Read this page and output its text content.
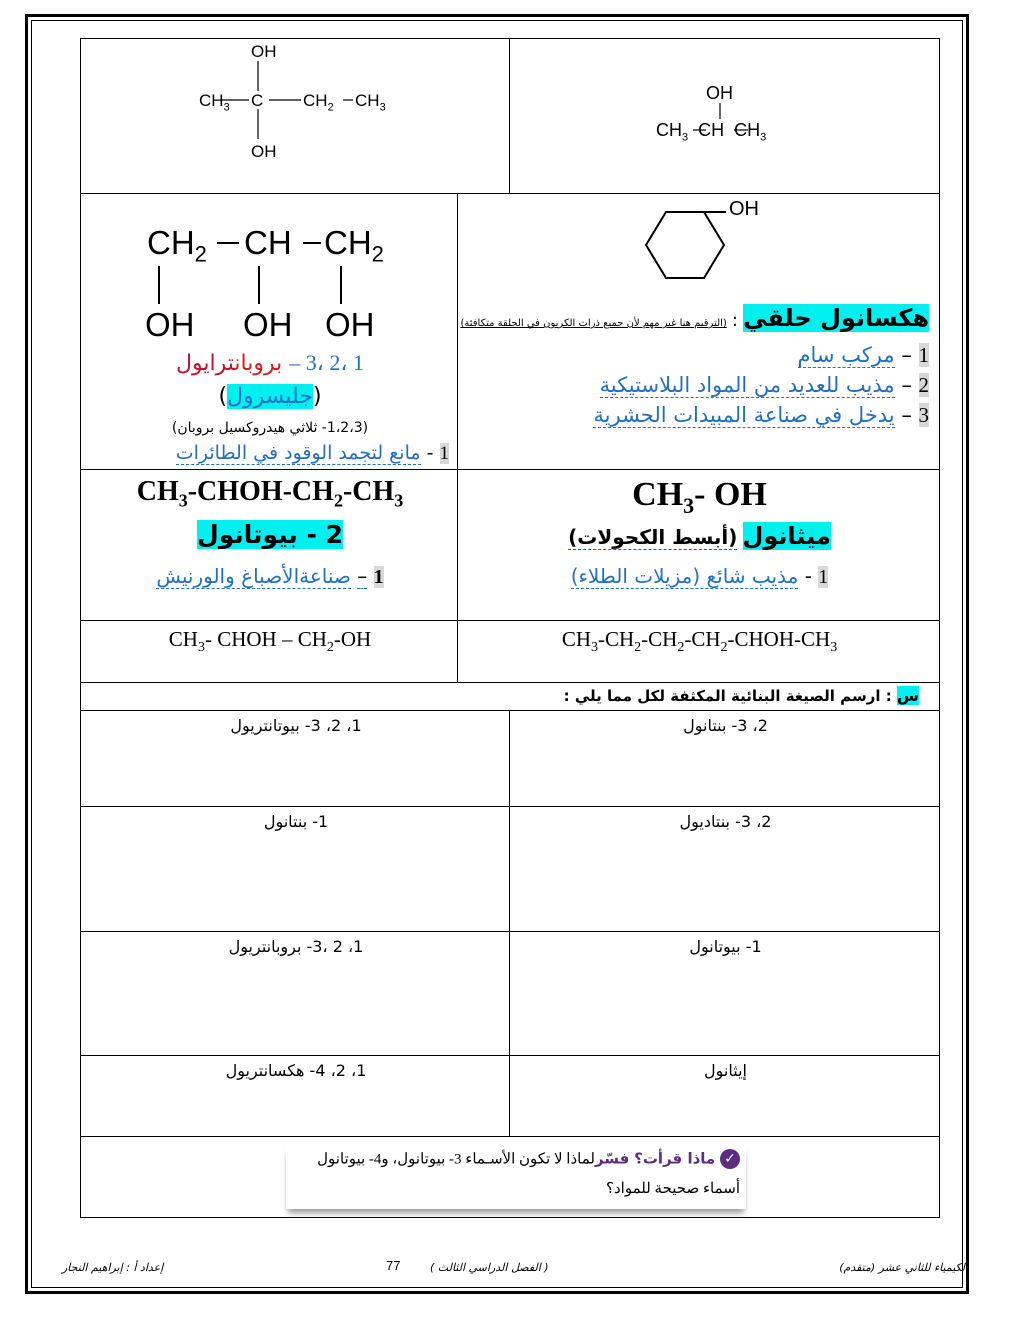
OH
$CH_3$ C $CH_2$ $CH_3$
OH
OH
$CH_3$  CH  $CH_3$
$CH_2$ CH $CH_2$
OH OH OH
1 ،2 ،3 – بروبانترايول
(جليسرول)
(1،2،3- ثلاثي هيدروكسيل بروبان)
1 - مانع لتجمد الوقود في الطائرات
OH
هكسانول حلقي : (الترقيم هنا غير مهم لأن جميع ذرات الكربون في الحلقة متكافئة)
1 – مركب سام
2 – مذيب للعديد من المواد البلاستيكية
3 – يدخل في صناعة المبيدات الحشرية
$CH_3-CHOH-CH_2-CH_3$
2 - بيوتانول
1 – صناعةالأصباغ والورنيش
$CH_3-$ OH
ميثانول (أبسط الكحولات)
1 - مذيب شائع (مزيلات الطلاء)
$CH_3-$ CHOH – $CH_2-OH$	$CH_3-CH_2-CH_2-CH_2-CHOH-CH_3$
س : ارسم الصيغة البنائية المكثفة لكل مما يلي :
1، 2، 3- بيوتانتريول	2، 3- بنتانول
1- بنتانول	2، 3- بنتاديول
1، 2 ،3- بروبانتريول	1- بيوتانول
1، 2، 4- هكسانتريول	إيثانول
✓ ماذا قرأت؟ فسّرلماذا لا تكون الأسـماء 3- بيوتانول، و4- بيوتانول
أسماء صحيحة للمواد؟
الكيمياء للثاني عشر (متقدم)
( الفصل الدراسي الثالث )
77
إعداد أ : إبراهيم النجار
